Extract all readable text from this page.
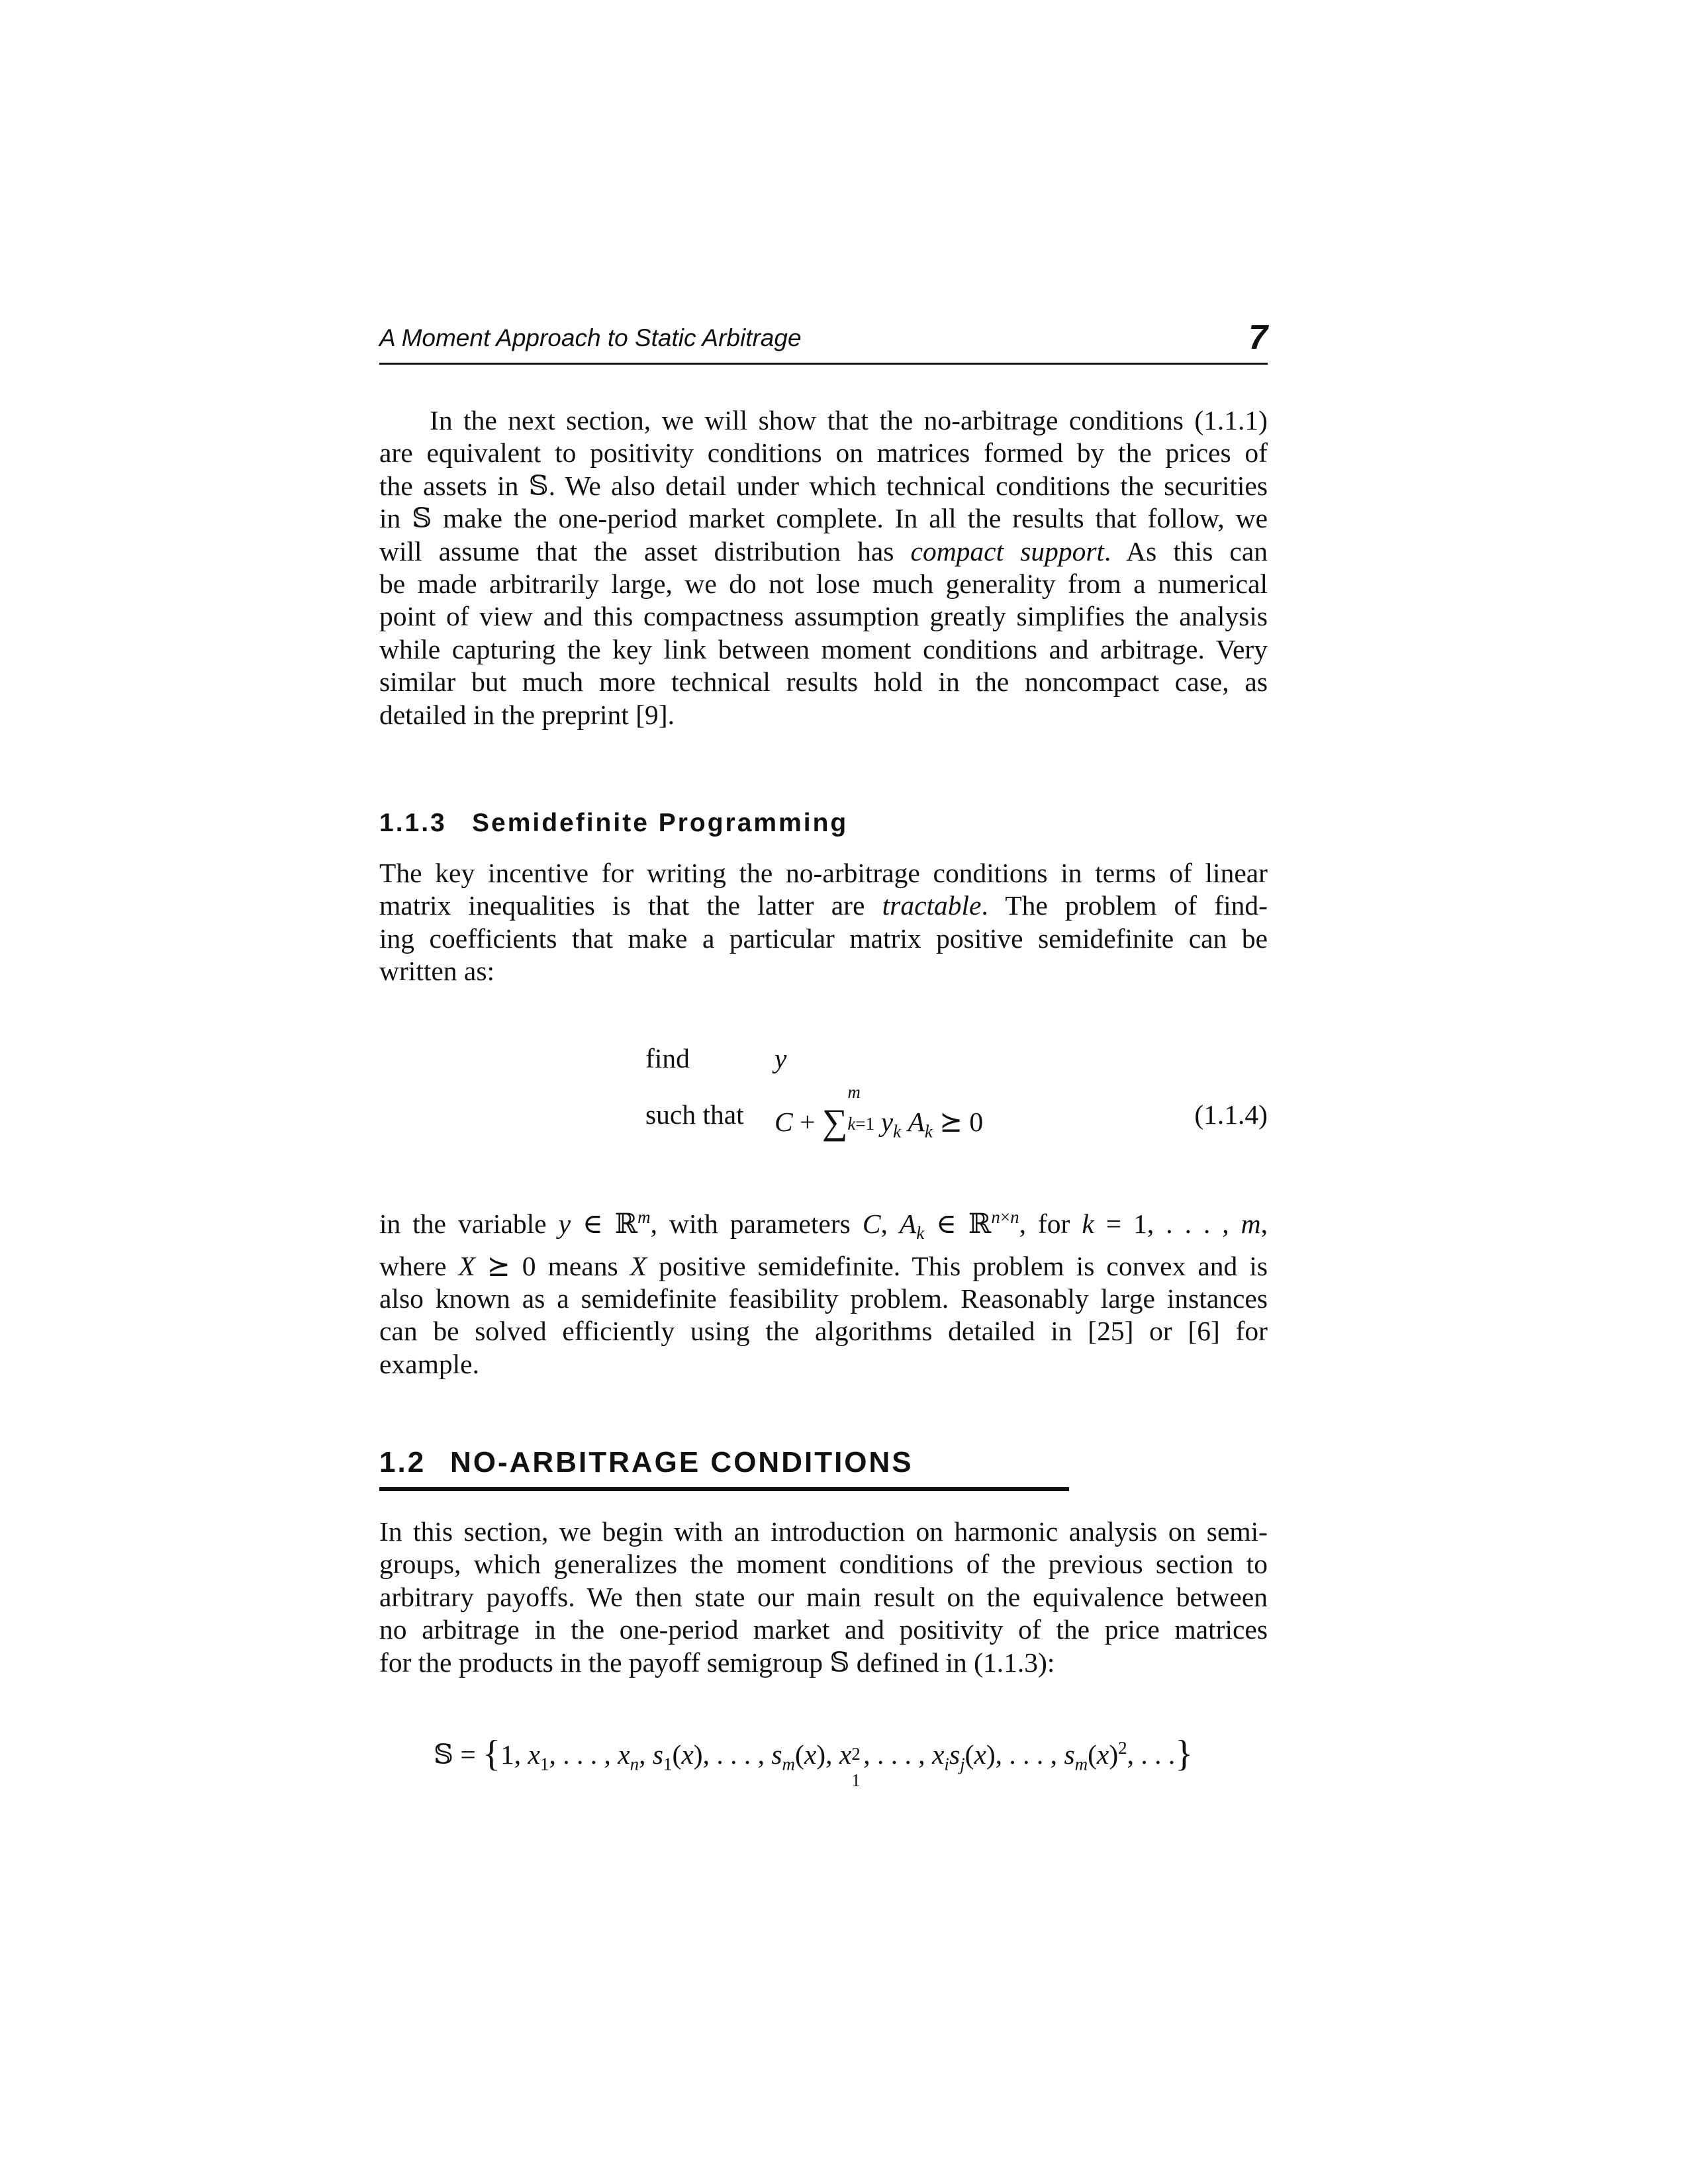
A Moment Approach to Static Arbitrage	7
In the next section, we will show that the no-arbitrage conditions (1.1.1)
are equivalent to positivity conditions on matrices formed by the prices of
the assets in 𝕊. We also detail under which technical conditions the securities
in 𝕊 make the one-period market complete. In all the results that follow, we
will assume that the asset distribution has compact support. As this can
be made arbitrarily large, we do not lose much generality from a numerical
point of view and this compactness assumption greatly simplifies the analysis
while capturing the key link between moment conditions and arbitrage. Very
similar but much more technical results hold in the noncompact case, as
detailed in the preprint [9].
1.1.3 Semidefinite Programming
The key incentive for writing the no-arbitrage conditions in terms of linear
matrix inequalities is that the latter are tractable. The problem of find-
ing coefficients that make a particular matrix positive semidefinite can be
written as:
find	y
such that C + ∑
m
k=1 $y_k$ $A_k$ ⪰ 0	(1.1.4)
in the variable y ∈ ℝ$^m$, with parameters C, $A_k$ ∈ ℝ$^{n\times n}$, for k = 1, . . . , m,
where X ⪰ 0 means X positive semidefinite. This problem is convex and is
also known as a semidefinite feasibility problem. Reasonably large instances
can be solved efficiently using the algorithms detailed in [25] or [6] for
example.
1.2 NO-ARBITRAGE CONDITIONS
In this section, we begin with an introduction on harmonic analysis on semi-
groups, which generalizes the moment conditions of the previous section to
arbitrary payoffs. We then state our main result on the equivalence between
no arbitrage in the one-period market and positivity of the price matrices
for the products in the payoff semigroup 𝕊 defined in (1.1.3):
𝕊 = {1, $x_1$, . . . , $x_n$, $s_1(x)$, . . . , $s_m(x)$, x 2
1
, . . . , $x_is_j(x)$, . . . , $s_m(x)^2$, . . .}
